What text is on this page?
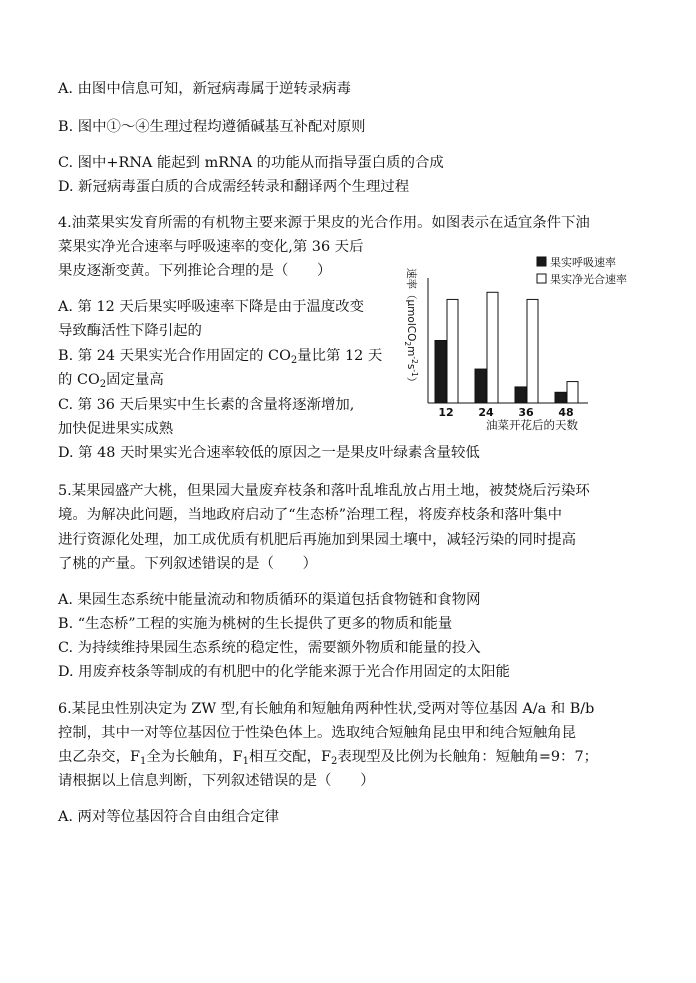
A. 由图中信息可知，新冠病毒属于逆转录病毒
B. 图中①～④生理过程均遵循碱基互补配对原则
C. 图中+RNA 能起到 mRNA 的功能从而指导蛋白质的合成
D. 新冠病毒蛋白质的合成需经转录和翻译两个生理过程
4.油菜果实发育所需的有机物主要来源于果皮的光合作用。如图表示在适宜条件下油
菜果实净光合速率与呼吸速率的变化,第 36 天后
果皮逐渐变黄。下列推论合理的是（　　）
A. 第 12 天后果实呼吸速率下降是由于温度改变
导致酶活性下降引起的
B. 第 24 天果实光合作用固定的 $CO_2$量比第 12 天
的 $CO_2$固定量高
C. 第 36 天后果实中生长素的含量将逐渐增加,
加快促进果实成熟
D. 第 48 天时果实光合速率较低的原因之一是果皮叶绿素含量较低
果实呼吸速率
果实净光合速率
速率$(\mu molCO_2m^{-2}s^{-1})$
12 24 36 48
油菜开花后的天数
5.某果园盛产大桃，但果园大量废弃枝条和落叶乱堆乱放占用土地，被焚烧后污染环
境。为解决此问题，当地政府启动了“生态桥”治理工程，将废弃枝条和落叶集中
进行资源化处理，加工成优质有机肥后再施加到果园土壤中，减轻污染的同时提高
了桃的产量。下列叙述错误的是（　　）
A. 果园生态系统中能量流动和物质循环的渠道包括食物链和食物网
B. “生态桥”工程的实施为桃树的生长提供了更多的物质和能量
C. 为持续维持果园生态系统的稳定性，需要额外物质和能量的投入
D. 用废弃枝条等制成的有机肥中的化学能来源于光合作用固定的太阳能
6.某昆虫性别决定为 ZW 型,有长触角和短触角两种性状,受两对等位基因 A/a 和 B/b
控制，其中一对等位基因位于性染色体上。选取纯合短触角昆虫甲和纯合短触角昆
虫乙杂交，$F_1$全为长触角，$F_1$相互交配，$F_2$表现型及比例为长触角：短触角=9：7；
请根据以上信息判断，下列叙述错误的是（　　）
A. 两对等位基因符合自由组合定律
